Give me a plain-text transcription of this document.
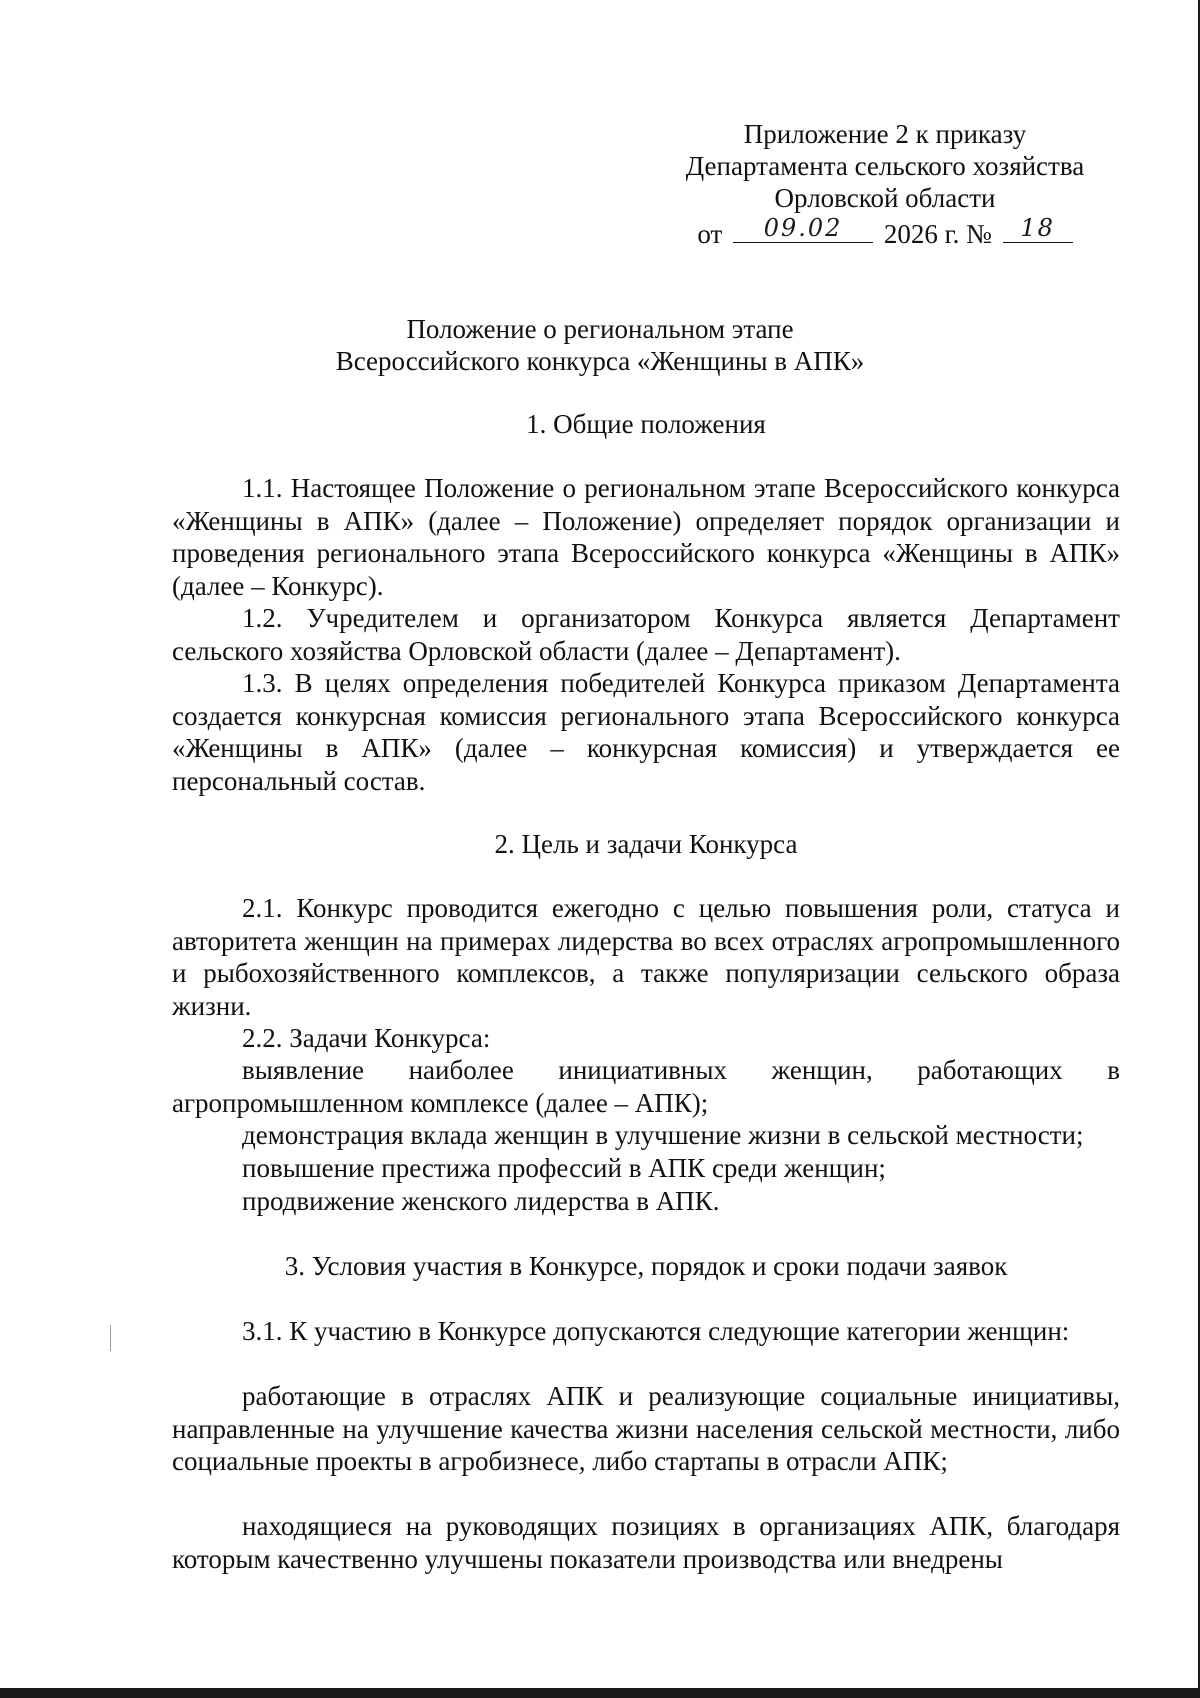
Приложение 2 к приказу
Департамента сельского хозяйства
Орловской области
от	09.02	2026 г. №	18
Положение о региональном этапе
Всероссийского конкурса «Женщины в АПК»
1. Общие положения
1.1. Настоящее Положение о региональном этапе Всероссийского конкурса «Женщины в АПК» (далее – Положение) определяет порядок организации и проведения регионального этапа Всероссийского конкурса «Женщины в АПК» (далее – Конкурс).
1.2. Учредителем и организатором Конкурса является Департамент сельского хозяйства Орловской области (далее – Департамент).
1.3. В целях определения победителей Конкурса приказом Департамента создается конкурсная комиссия регионального этапа Всероссийского конкурса «Женщины в АПК» (далее – конкурсная комиссия) и утверждается ее персональный состав.
2. Цель и задачи Конкурса
2.1. Конкурс проводится ежегодно с целью повышения роли, статуса и авторитета женщин на примерах лидерства во всех отраслях агропромышленного и рыбохозяйственного комплексов, а также популяризации сельского образа жизни.
2.2. Задачи Конкурса:
выявление наиболее инициативных женщин, работающих в агропромышленном комплексе (далее – АПК);
демонстрация вклада женщин в улучшение жизни в сельской местности;
повышение престижа профессий в АПК среди женщин;
продвижение женского лидерства в АПК.
3. Условия участия в Конкурсе, порядок и сроки подачи заявок
3.1. К участию в Конкурсе допускаются следующие категории женщин:
работающие в отраслях АПК и реализующие социальные инициативы, направленные на улучшение качества жизни населения сельской местности, либо социальные проекты в агробизнесе, либо стартапы в отрасли АПК;
находящиеся на руководящих позициях в организациях АПК, благодаря которым качественно улучшены показатели производства или внедрены
